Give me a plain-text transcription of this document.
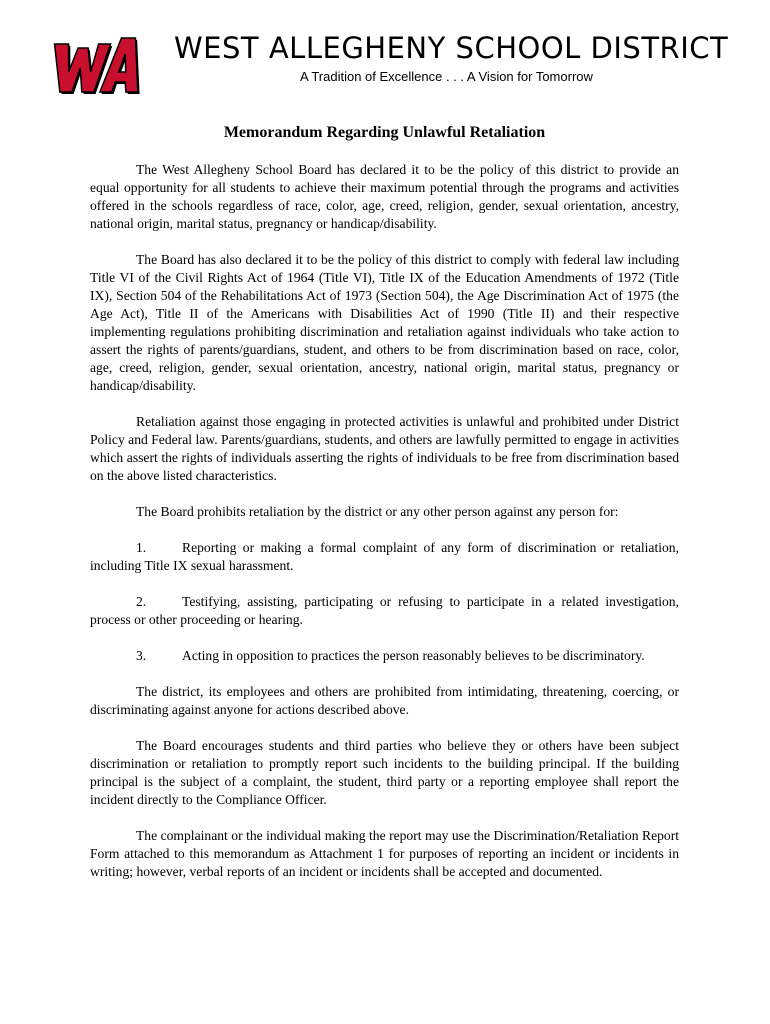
WEST ALLEGHENY SCHOOL DISTRICT
A Tradition of Excellence . . . A Vision for Tomorrow
Memorandum Regarding Unlawful Retaliation

The West Allegheny School Board has declared it to be the policy of this district to provide an equal opportunity for all students to achieve their maximum potential through the programs and activities offered in the schools regardless of race, color, age, creed, religion, gender, sexual orientation, ancestry, national origin, marital status, pregnancy or handicap/disability.

The Board has also declared it to be the policy of this district to comply with federal law including Title VI of the Civil Rights Act of 1964 (Title VI), Title IX of the Education Amendments of 1972 (Title IX), Section 504 of the Rehabilitations Act of 1973 (Section 504), the Age Discrimination Act of 1975 (the Age Act), Title II of the Americans with Disabilities Act of 1990 (Title II) and their respective implementing regulations prohibiting discrimination and retaliation against individuals who take action to assert the rights of parents/guardians, student, and others to be from discrimination based on race, color, age, creed, religion, gender, sexual orientation, ancestry, national origin, marital status, pregnancy or handicap/disability.

Retaliation against those engaging in protected activities is unlawful and prohibited under District Policy and Federal law. Parents/guardians, students, and others are lawfully permitted to engage in activities which assert the rights of individuals asserting the rights of individuals to be free from discrimination based on the above listed characteristics.

The Board prohibits retaliation by the district or any other person against any person for:

1.	Reporting or making a formal complaint of any form of discrimination or retaliation, including Title IX sexual harassment.

2.	Testifying, assisting, participating or refusing to participate in a related investigation, process or other proceeding or hearing.

3.	Acting in opposition to practices the person reasonably believes to be discriminatory.

The district, its employees and others are prohibited from intimidating, threatening, coercing, or discriminating against anyone for actions described above.

The Board encourages students and third parties who believe they or others have been subject discrimination or retaliation to promptly report such incidents to the building principal. If the building principal is the subject of a complaint, the student, third party or a reporting employee shall report the incident directly to the Compliance Officer.

The complainant or the individual making the report may use the Discrimination/Retaliation Report Form attached to this memorandum as Attachment 1 for purposes of reporting an incident or incidents in writing; however, verbal reports of an incident or incidents shall be accepted and documented.
